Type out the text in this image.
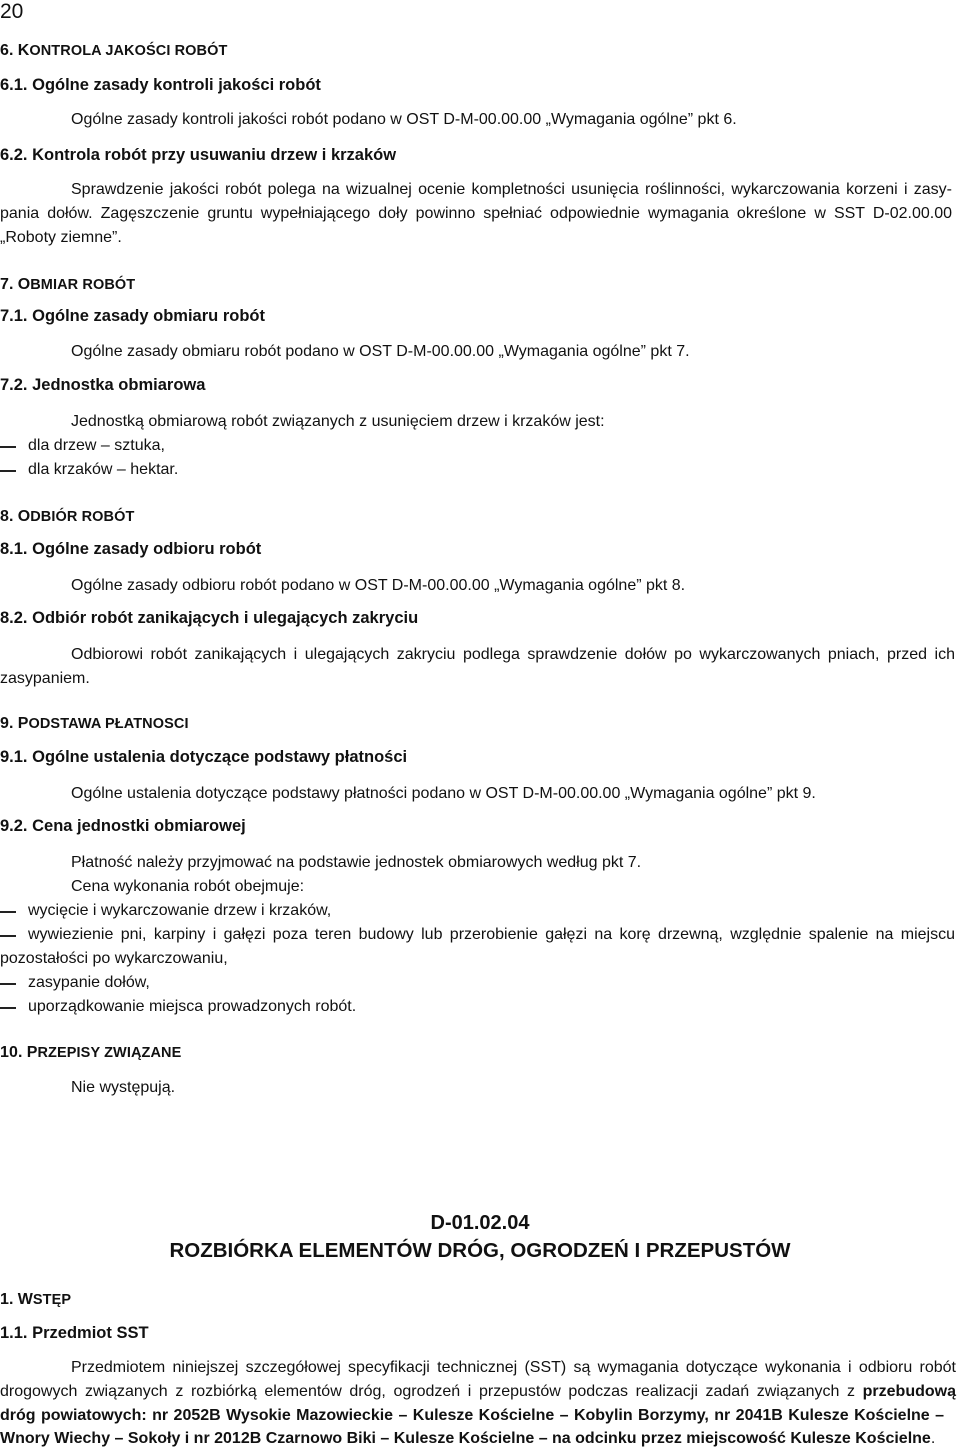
20
6. KONTROLA JAKOŚCI ROBÓT
6.1. Ogólne zasady kontroli jakości robót
Ogólne zasady kontroli jakości robót podano w OST D-M-00.00.00 „Wymagania ogólne” pkt 6.
6.2. Kontrola robót przy usuwaniu drzew i krzaków
Sprawdzenie jakości robót polega na wizualnej ocenie kompletności usunięcia roślinności, wykarczowania korzeni i zasy-
pania dołów. Zagęszczenie gruntu wypełniającego doły powinno spełniać odpowiednie wymagania określone w SST D-02.00.00
„Roboty ziemne”.
7. OBMIAR ROBÓT
7.1. Ogólne zasady obmiaru robót
Ogólne zasady obmiaru robót podano w OST D-M-00.00.00 „Wymagania ogólne” pkt 7.
7.2. Jednostka obmiarowa
Jednostką obmiarową robót związanych z usunięciem drzew i krzaków jest:
dla drzew – sztuka,
dla krzaków – hektar.
8. ODBIÓR ROBÓT
8.1. Ogólne zasady odbioru robót
Ogólne zasady odbioru robót podano w OST D-M-00.00.00 „Wymagania ogólne” pkt 8.
8.2. Odbiór robót zanikających i ulegających zakryciu
Odbiorowi robót zanikających i ulegających zakryciu podlega sprawdzenie dołów po wykarczowanych pniach, przed ich
zasypaniem.
9. PODSTAWA PŁATNOSCI
9.1. Ogólne ustalenia dotyczące podstawy płatności
Ogólne ustalenia dotyczące podstawy płatności podano w OST D-M-00.00.00 „Wymagania ogólne” pkt 9.
9.2. Cena jednostki obmiarowej
Płatność należy przyjmować na podstawie jednostek obmiarowych według pkt 7.
Cena wykonania robót obejmuje:
wycięcie i wykarczowanie drzew i krzaków,
wywiezienie pni, karpiny i gałęzi poza teren budowy lub przerobienie gałęzi na korę drzewną, względnie spalenie na miejscu
pozostałości po wykarczowaniu,
zasypanie dołów,
uporządkowanie miejsca prowadzonych robót.
10. PRZEPISY ZWIĄZANE
Nie występują.
D-01.02.04
ROZBIÓRKA ELEMENTÓW DRÓG, OGRODZEŃ I PRZEPUSTÓW
1. WSTĘP
1.1. Przedmiot SST
Przedmiotem niniejszej szczegółowej specyfikacji technicznej (SST) są wymagania dotyczące wykonania i odbioru robót
drogowych związanych z rozbiórką elementów dróg, ogrodzeń i przepustów podczas realizacji zadań związanych z przebudową
dróg powiatowych: nr 2052B Wysokie Mazowieckie – Kulesze Kościelne – Kobylin Borzymy, nr 2041B Kulesze Kościelne –
Wnory Wiechy – Sokoły i nr 2012B Czarnowo Biki – Kulesze Kościelne – na odcinku przez miejscowość Kulesze Kościelne.
